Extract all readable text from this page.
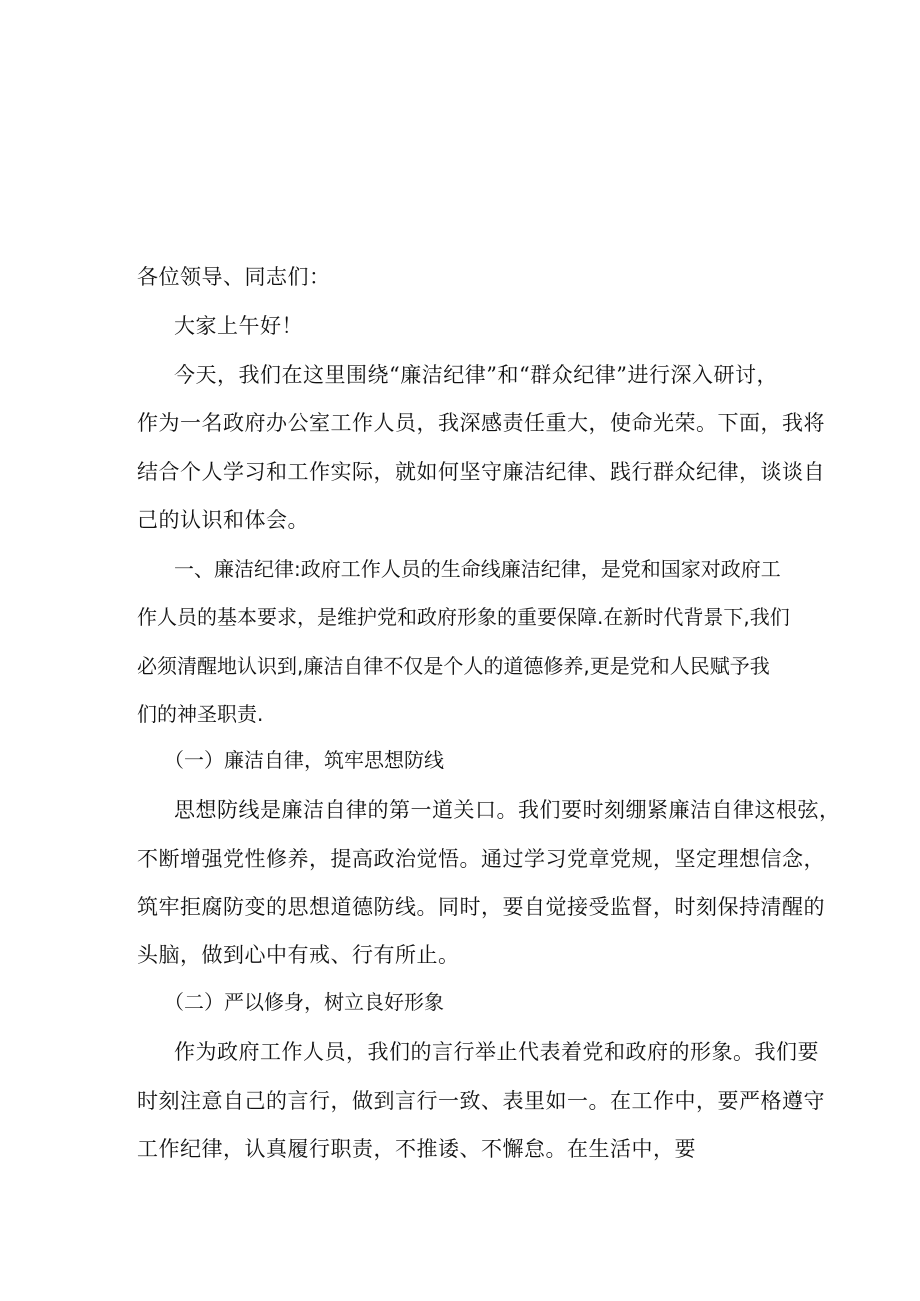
各位领导、同志们：
大家上午好！
今天，我们在这里围绕“廉洁纪律”和“群众纪律”进行深入研讨，
作为一名政府办公室工作人员，我深感责任重大，使命光荣。下面，我将
结合个人学习和工作实际，就如何坚守廉洁纪律、践行群众纪律，谈谈自
己的认识和体会。
一、廉洁纪律:政府工作人员的生命线廉洁纪律，是党和国家对政府工
作人员的基本要求，是维护党和政府形象的重要保障.在新时代背景下,我们
必须清醒地认识到,廉洁自律不仅是个人的道德修养,更是党和人民赋予我
们的神圣职责.
（一）廉洁自律，筑牢思想防线
思想防线是廉洁自律的第一道关口。我们要时刻绷紧廉洁自律这根弦，
不断增强党性修养，提高政治觉悟。通过学习党章党规，坚定理想信念，
筑牢拒腐防变的思想道德防线。同时，要自觉接受监督，时刻保持清醒的
头脑，做到心中有戒、行有所止。
（二）严以修身，树立良好形象
作为政府工作人员，我们的言行举止代表着党和政府的形象。我们要
时刻注意自己的言行，做到言行一致、表里如一。在工作中，要严格遵守
工作纪律，认真履行职责，不推诿、不懈怠。在生活中，要
